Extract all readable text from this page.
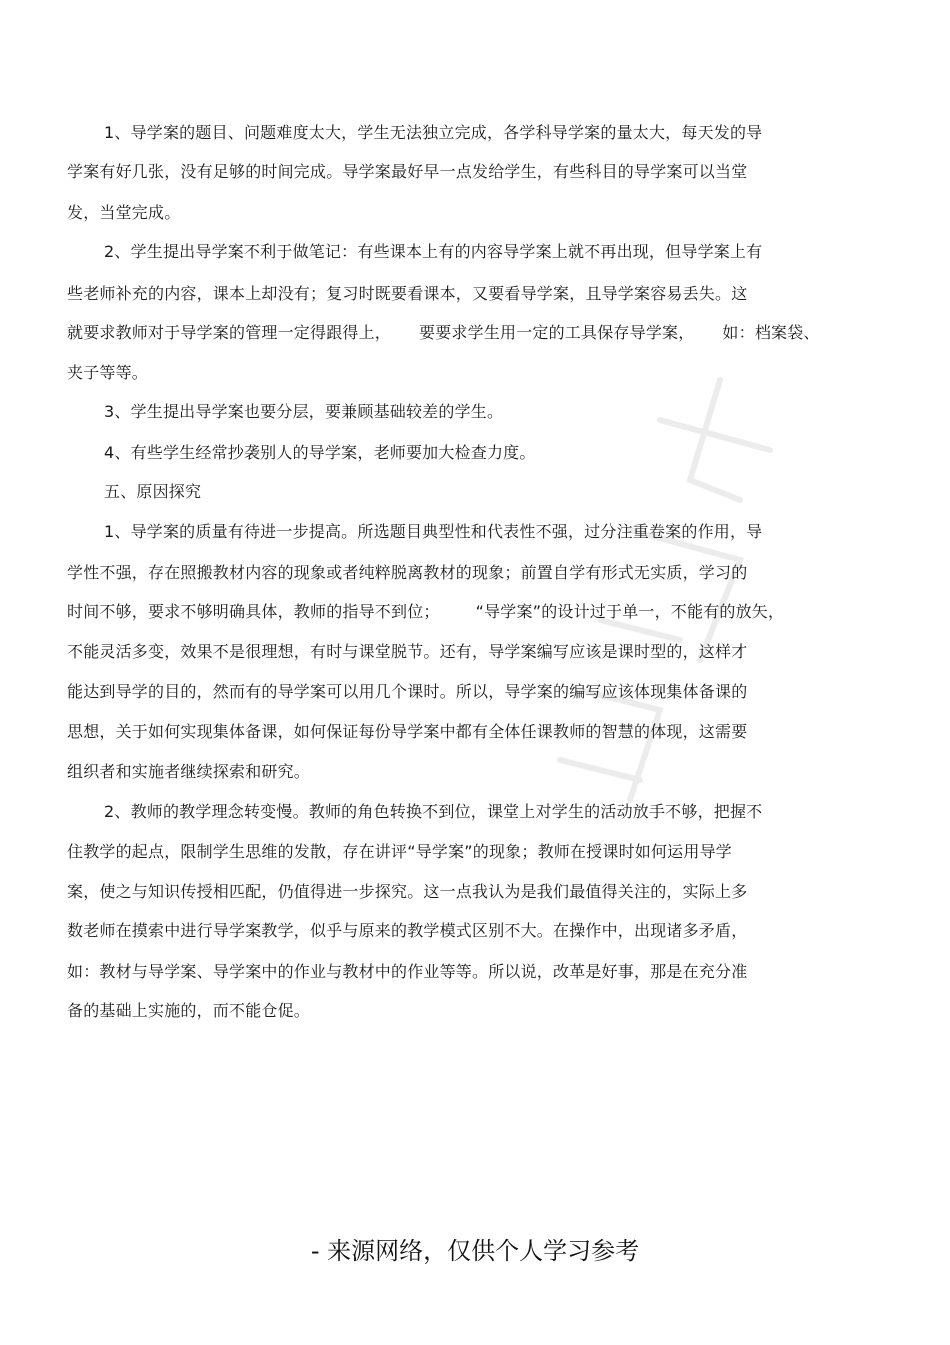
1、导学案的题目、问题难度太大，学生无法独立完成，各学科导学案的量太大，每天发的导
学案有好几张，没有足够的时间完成。导学案最好早一点发给学生，有些科目的导学案可以当堂
发，当堂完成。
2、学生提出导学案不利于做笔记：有些课本上有的内容导学案上就不再出现，但导学案上有
些老师补充的内容，课本上却没有；复习时既要看课本，又要看导学案，且导学案容易丢失。这
就要求教师对于导学案的管理一定得跟得上， 要要求学生用一定的工具保存导学案， 如：档案袋、
夹子等等。
3、学生提出导学案也要分层，要兼顾基础较差的学生。
4、有些学生经常抄袭别人的导学案，老师要加大检查力度。
五、原因探究
1、导学案的质量有待进一步提高。所选题目典型性和代表性不强，过分注重卷案的作用，导
学性不强，存在照搬教材内容的现象或者纯粹脱离教材的现象；前置自学有形式无实质，学习的
时间不够，要求不够明确具体，教师的指导不到位； “导学案”的设计过于单一，不能有的放矢，
不能灵活多变，效果不是很理想，有时与课堂脱节。还有，导学案编写应该是课时型的，这样才
能达到导学的目的，然而有的导学案可以用几个课时。所以，导学案的编写应该体现集体备课的
思想，关于如何实现集体备课，如何保证每份导学案中都有全体任课教师的智慧的体现，这需要
组织者和实施者继续探索和研究。
2、教师的教学理念转变慢。教师的角色转换不到位，课堂上对学生的活动放手不够，把握不
住教学的起点，限制学生思维的发散，存在讲评“导学案”的现象；教师在授课时如何运用导学
案，使之与知识传授相匹配，仍值得进一步探究。这一点我认为是我们最值得关注的，实际上多
数老师在摸索中进行导学案教学，似乎与原来的教学模式区别不大。在操作中，出现诸多矛盾，
如：教材与导学案、导学案中的作业与教材中的作业等等。所以说，改革是好事，那是在充分准
备的基础上实施的，而不能仓促。
- 来源网络，仅供个人学习参考
